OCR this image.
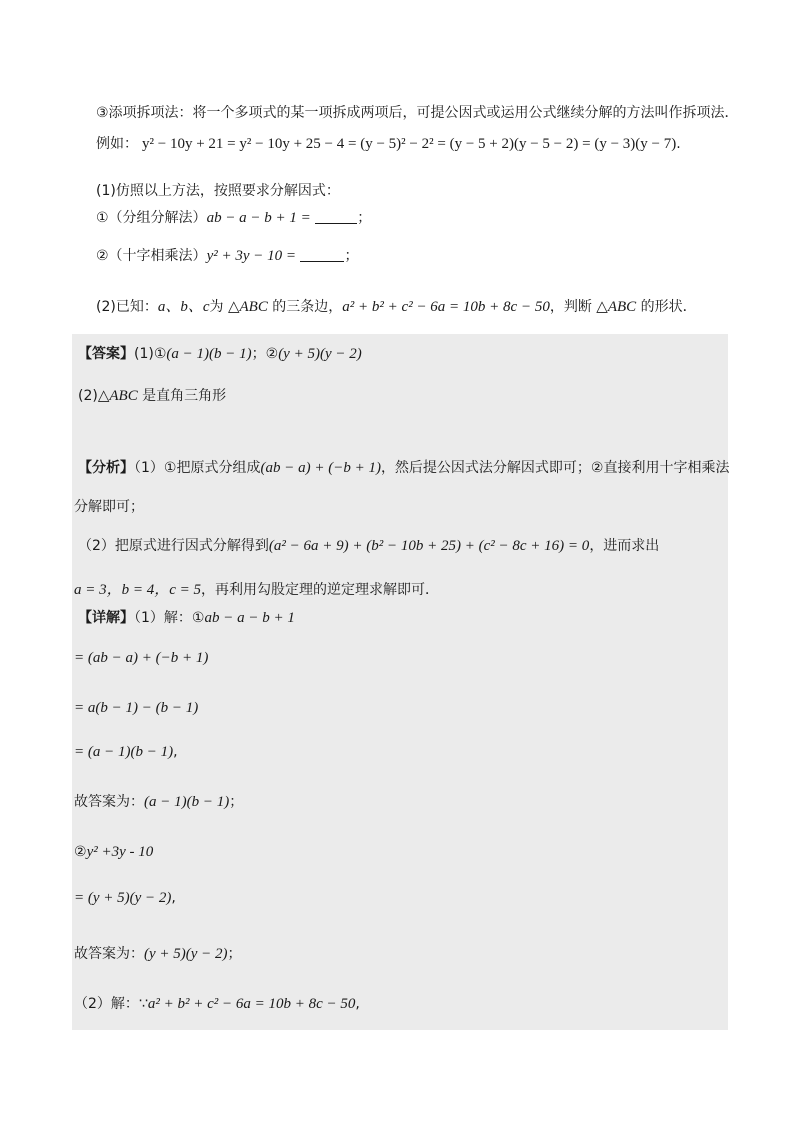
③添项拆项法：将一个多项式的某一项拆成两项后，可提公因式或运用公式继续分解的方法叫作拆项法．
例如： y² − 10y + 21 = y² − 10y + 25 − 4 = (y − 5)² − 2² = (y − 5 + 2)(y − 5 − 2) = (y − 3)(y − 7).
(1)仿照以上方法，按照要求分解因式：
①（分组分解法）ab − a − b + 1 =	；
②（十字相乘法）y² + 3y − 10 =	；
(2)已知：a、b、c为 △ABC 的三条边，a² + b² + c² − 6a = 10b + 8c − 50，判断 △ABC 的形状．
【答案】(1)①(a − 1)(b − 1)；②(y + 5)(y − 2)
(2)△ABC 是直角三角形
【分析】（1）①把原式分组成(ab − a) + (−b + 1)，然后提公因式法分解因式即可；②直接利用十字相乘法
分解即可；
（2）把原式进行因式分解得到(a² − 6a + 9) + (b² − 10b + 25) + (c² − 8c + 16) = 0，进而求出
a = 3，b = 4，c = 5，再利用勾股定理的逆定理求解即可．
【详解】（1）解：①ab − a − b + 1
= (ab − a) + (−b + 1)
= a(b − 1) − (b − 1)
= (a − 1)(b − 1),
故答案为：(a − 1)(b − 1)；
②y² +3y - 10
= (y + 5)(y − 2),
故答案为：(y + 5)(y − 2)；
（2）解：∵a² + b² + c² − 6a = 10b + 8c − 50,
